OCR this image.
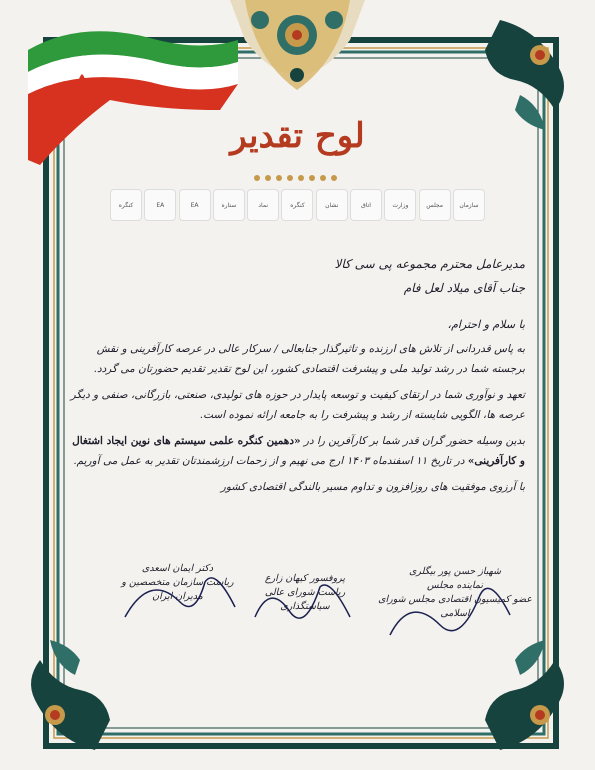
لوح تقدیر
کنگره	EA	EA	ستاره	نماد	کنگره	نشان	اتاق	وزارت	مجلس	سازمان
مدیرعامل محترم مجموعه پی سی کالا
جناب آقای میلاد لعل فام
با سلام و احترام،

به پاس قدردانی از تلاش های ارزنده و تاثیرگذار جنابعالی / سرکار عالی در عرصه کارآفرینی و نقش برجسته شما در رشد تولید ملی و پیشرفت اقتصادی کشور، این لوح تقدیر تقدیم حضورتان می گردد.

تعهد و نوآوری شما در ارتقای کیفیت و توسعه پایدار در حوزه های تولیدی، صنعتی، بازرگانی، صنفی و دیگر عرصه ها، الگویی شایسته از رشد و پیشرفت را به جامعه ارائه نموده است.

بدین وسیله حضور گران قدر شما بر کارآفرین را در «دهمین کنگره علمی سیستم های نوین ایجاد اشتغال و کارآفرینی» در تاریخ ۱۱ اسفندماه ۱۴۰۳ ارج می نهیم و از زحمات ارزشمندتان تقدیر به عمل می آوریم.

با آرزوی موفقیت های روزافزون و تداوم مسیر بالندگی اقتصادی کشور

شهباز حسن پور بیگلری
نماینده مجلس
عضو کمیسیون اقتصادی مجلس شورای اسلامی
پروفسور کیهان زارع
ریاست شورای عالی سیاستگذاری
دکتر ایمان اسعدی
ریاست سازمان متخصصین و مدیران ایران
